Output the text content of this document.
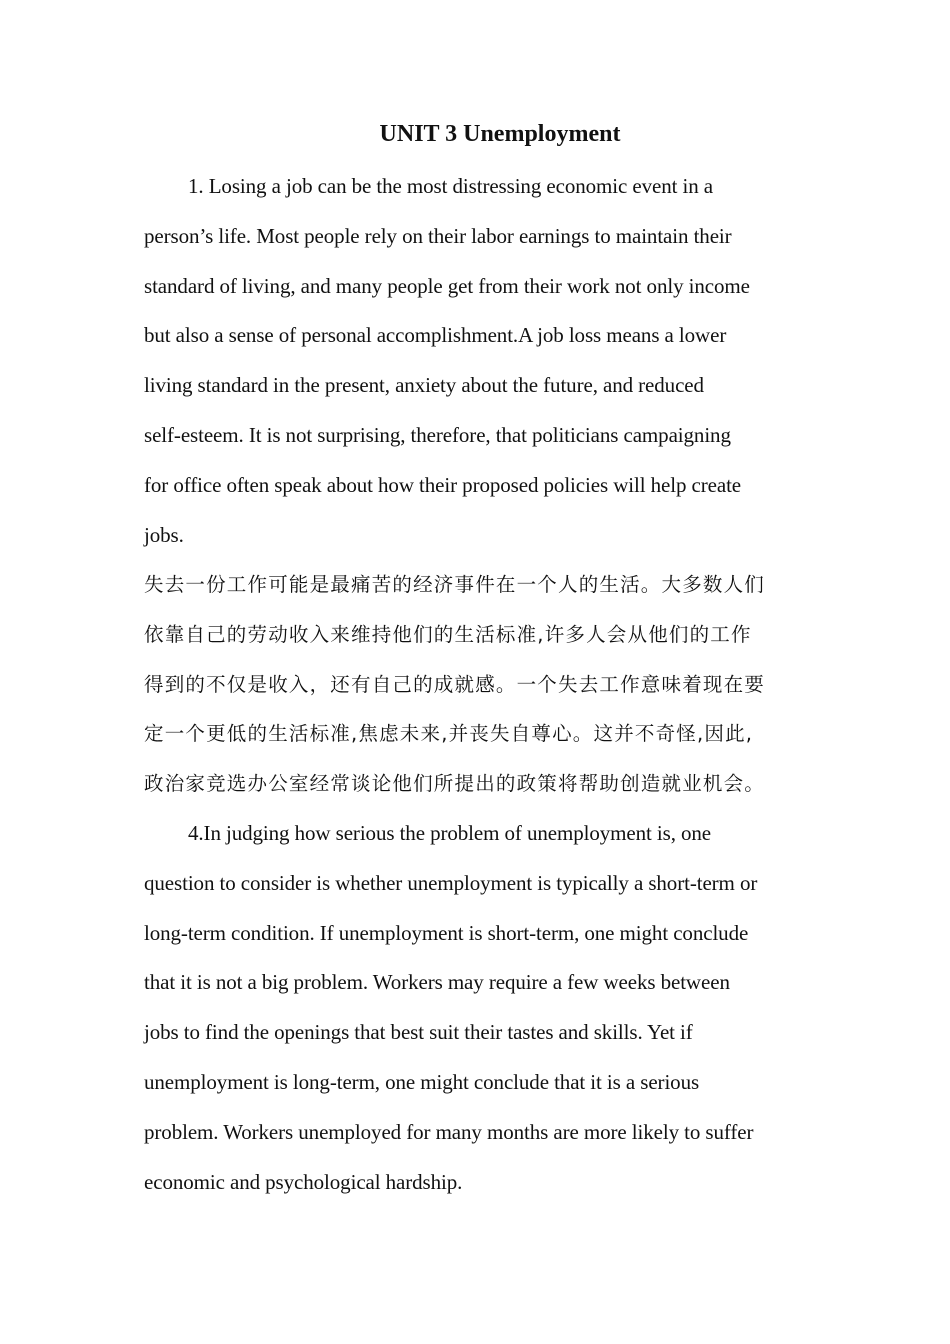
UNIT 3 Unemployment

1. Losing a job can be the most distressing economic event in a
person’s life. Most people rely on their labor earnings to maintain their
standard of living, and many people get from their work not only income
but also a sense of personal accomplishment.A job loss means a lower
living standard in the present, anxiety about the future, and reduced
self-esteem. It is not surprising, therefore, that politicians campaigning
for office often speak about how their proposed policies will help create
jobs.

失去一份工作可能是最痛苦的经济事件在一个人的生活。大多数人们
依靠自己的劳动收入来维持他们的生活标准,许多人会从他们的工作
得到的不仅是收入，还有自己的成就感。一个失去工作意味着现在要
定一个更低的生活标准,焦虑未来,并丧失自尊心。这并不奇怪,因此,
政治家竞选办公室经常谈论他们所提出的政策将帮助创造就业机会。

4.In judging how serious the problem of unemployment is, one
question to consider is whether unemployment is typically a short-term or
long-term condition. If unemployment is short-term, one might conclude
that it is not a big problem. Workers may require a few weeks between
jobs to find the openings that best suit their tastes and skills. Yet if
unemployment is long-term, one might conclude that it is a serious
problem. Workers unemployed for many months are more likely to suffer
economic and psychological hardship.
